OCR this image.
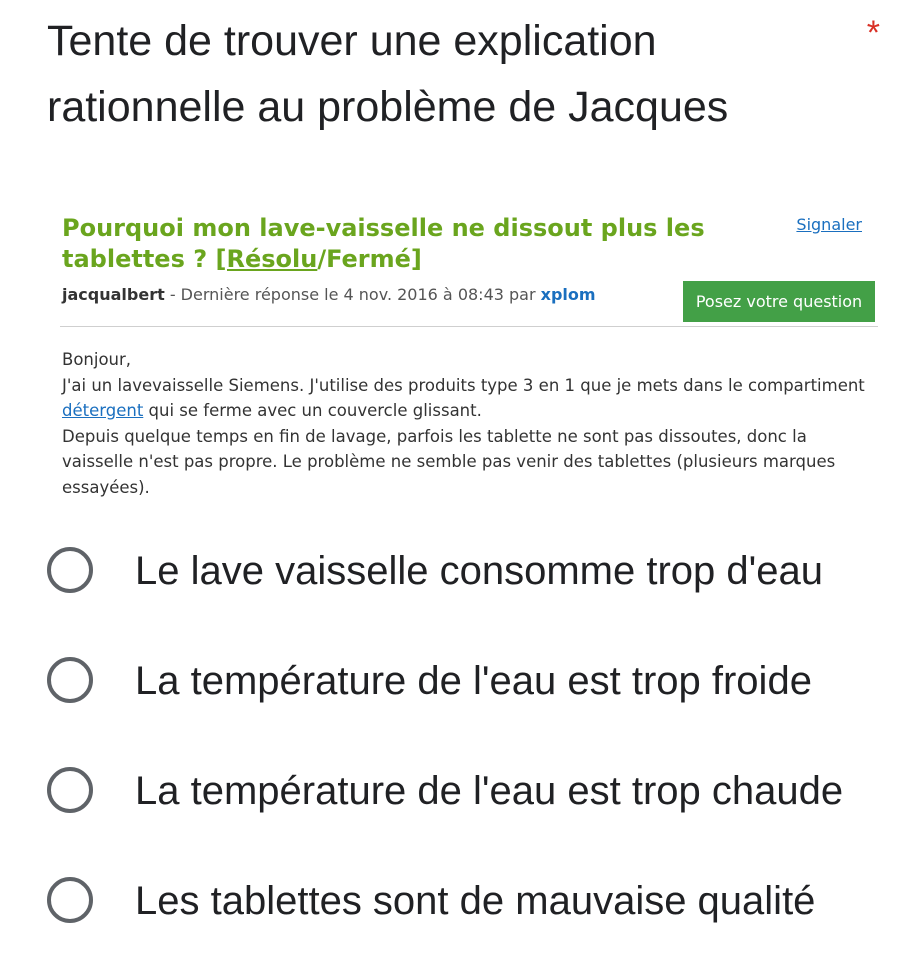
Tente de trouver une explication rationnelle au problème de Jacques
*
Pourquoi mon lave-vaisselle ne dissout plus les tablettes ? [Résolu/Fermé]
Signaler
jacqualbert - Dernière réponse le 4 nov. 2016 à 08:43 par xplom	Posez votre question

Bonjour,

J'ai un lavevaisselle Siemens. J'utilise des produits type 3 en 1 que je mets dans le compartiment détergent qui se ferme avec un couvercle glissant.

Depuis quelque temps en fin de lavage, parfois les tablette ne sont pas dissoutes, donc la vaisselle n'est pas propre. Le problème ne semble pas venir des tablettes (plusieurs marques essayées).

Le lave vaisselle consomme trop d'eau
La température de l'eau est trop froide
La température de l'eau est trop chaude
Les tablettes sont de mauvaise qualité
